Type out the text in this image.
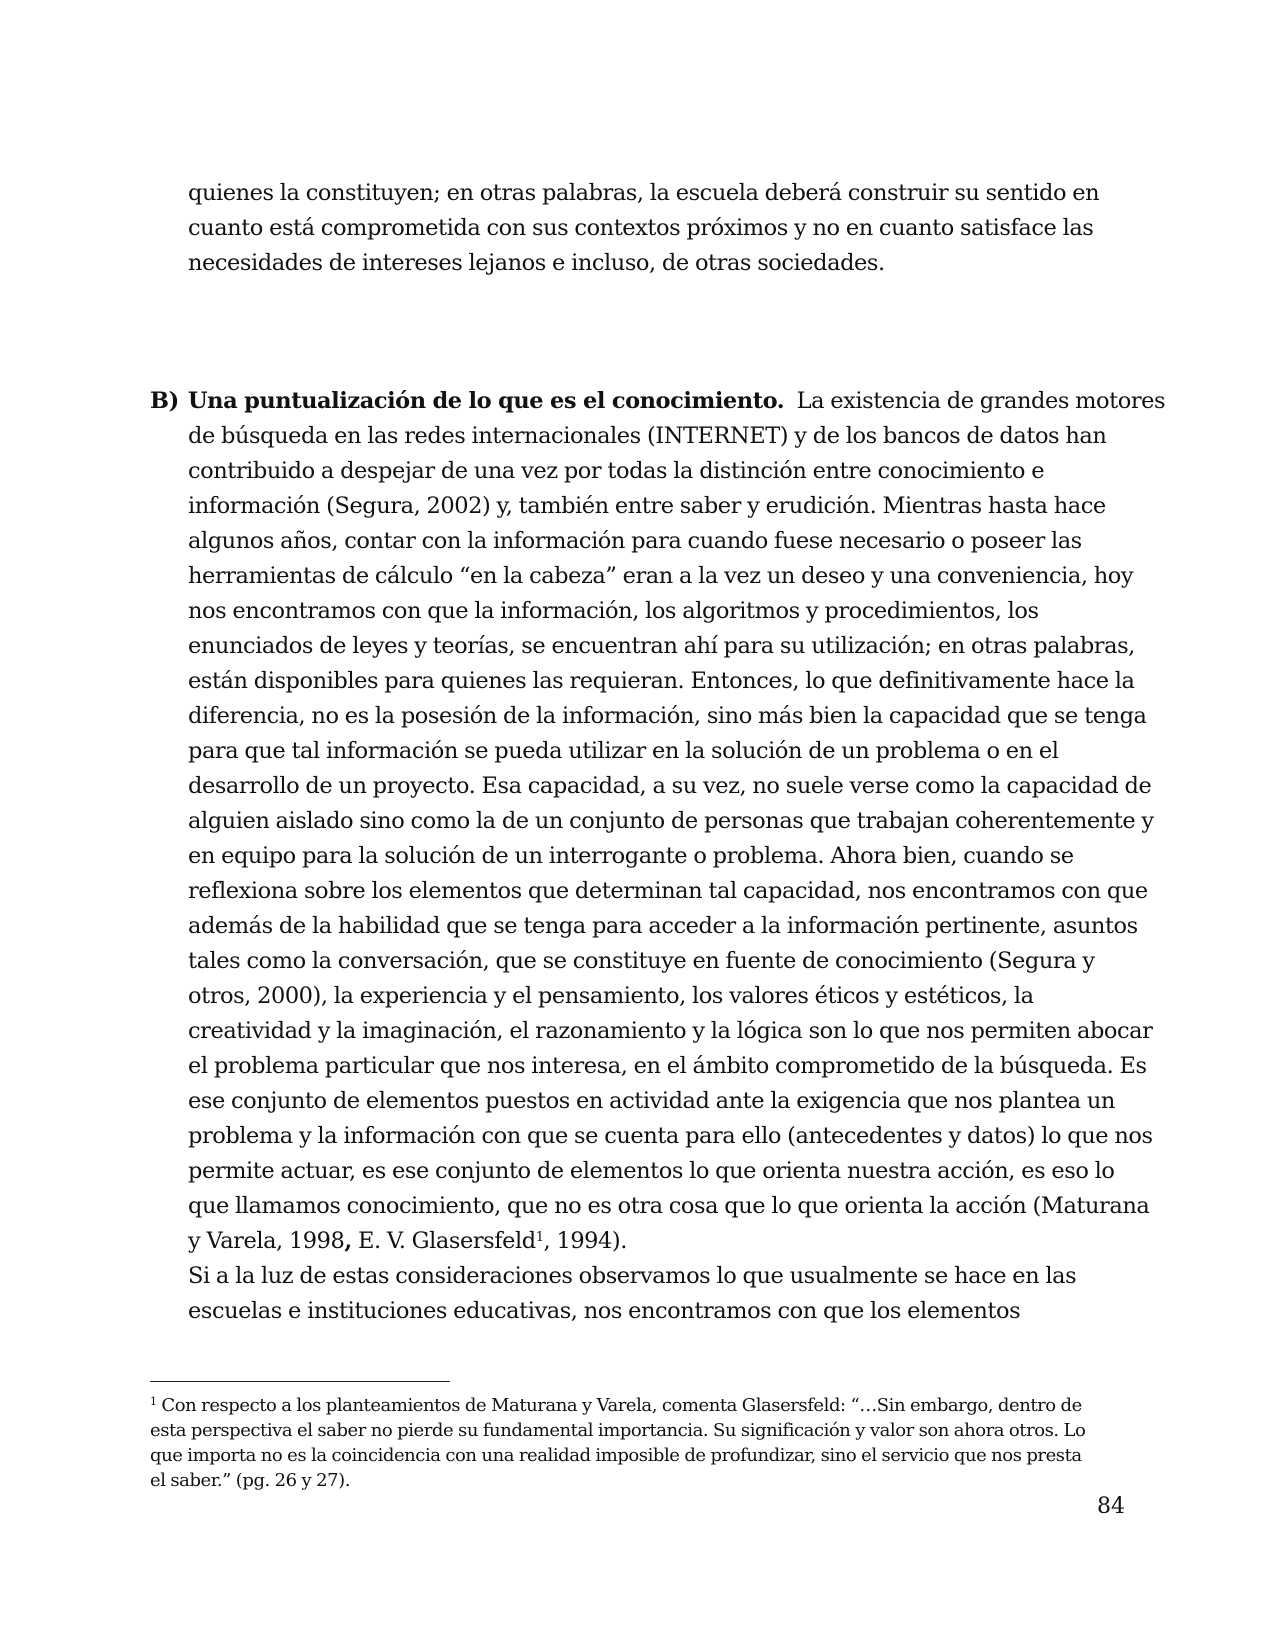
quienes la constituyen; en otras palabras, la escuela deberá construir su sentido en
cuanto está comprometida con sus contextos próximos y no en cuanto satisface las
necesidades de intereses lejanos e incluso, de otras sociedades.
B) Una puntualización de lo que es el conocimiento.  La existencia de grandes motores
de búsqueda en las redes internacionales (INTERNET) y de los bancos de datos han
contribuido a despejar de una vez por todas la distinción entre conocimiento e
información (Segura, 2002) y, también entre saber y erudición. Mientras hasta hace
algunos años, contar con la información para cuando fuese necesario o poseer las
herramientas de cálculo “en la cabeza” eran a la vez un deseo y una conveniencia, hoy
nos encontramos con que la información, los algoritmos y procedimientos, los
enunciados de leyes y teorías, se encuentran ahí para su utilización; en otras palabras,
están disponibles para quienes las requieran. Entonces, lo que definitivamente hace la
diferencia, no es la posesión de la información, sino más bien la capacidad que se tenga
para que tal información se pueda utilizar en la solución de un problema o en el
desarrollo de un proyecto. Esa capacidad, a su vez, no suele verse como la capacidad de
alguien aislado sino como la de un conjunto de personas que trabajan coherentemente y
en equipo para la solución de un interrogante o problema. Ahora bien, cuando se
reflexiona sobre los elementos que determinan tal capacidad, nos encontramos con que
además de la habilidad que se tenga para acceder a la información pertinente, asuntos
tales como la conversación, que se constituye en fuente de conocimiento (Segura y
otros, 2000), la experiencia y el pensamiento, los valores éticos y estéticos, la
creatividad y la imaginación, el razonamiento y la lógica son lo que nos permiten abocar
el problema particular que nos interesa, en el ámbito comprometido de la búsqueda. Es
ese conjunto de elementos puestos en actividad ante la exigencia que nos plantea un
problema y la información con que se cuenta para ello (antecedentes y datos) lo que nos
permite actuar, es ese conjunto de elementos lo que orienta nuestra acción, es eso lo
que llamamos conocimiento, que no es otra cosa que lo que orienta la acción (Maturana
y Varela, 1998, E. V. Glasersfeld$^1$, 1994).
Si a la luz de estas consideraciones observamos lo que usualmente se hace en las
escuelas e instituciones educativas, nos encontramos con que los elementos
$^1$ Con respecto a los planteamientos de Maturana y Varela, comenta Glasersfeld: “…Sin embargo, dentro de
esta perspectiva el saber no pierde su fundamental importancia. Su significación y valor son ahora otros. Lo
que importa no es la coincidencia con una realidad imposible de profundizar, sino el servicio que nos presta
el saber.” (pg. 26 y 27).
84
